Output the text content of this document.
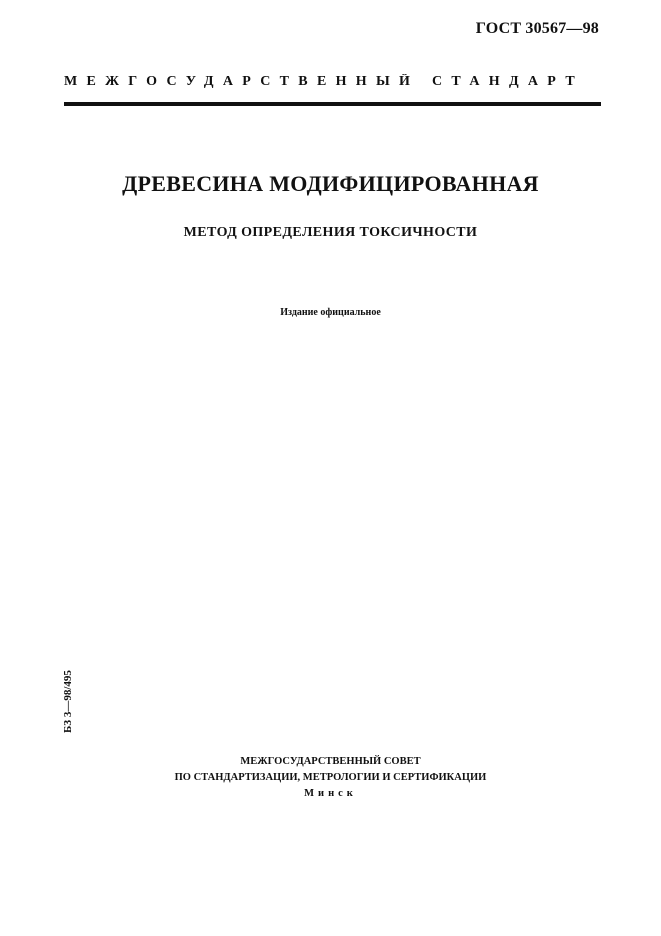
ГОСТ 30567—98
МЕЖГОСУДАРСТВЕННЫЙ СТАНДАРТ
ДРЕВЕСИНА МОДИФИЦИРОВАННАЯ
МЕТОД ОПРЕДЕЛЕНИЯ ТОКСИЧНОСТИ
Издание официальное
БЗ 3—98/495
МЕЖГОСУДАРСТВЕННЫЙ СОВЕТ
ПО СТАНДАРТИЗАЦИИ, МЕТРОЛОГИИ И СЕРТИФИКАЦИИ
Минск
